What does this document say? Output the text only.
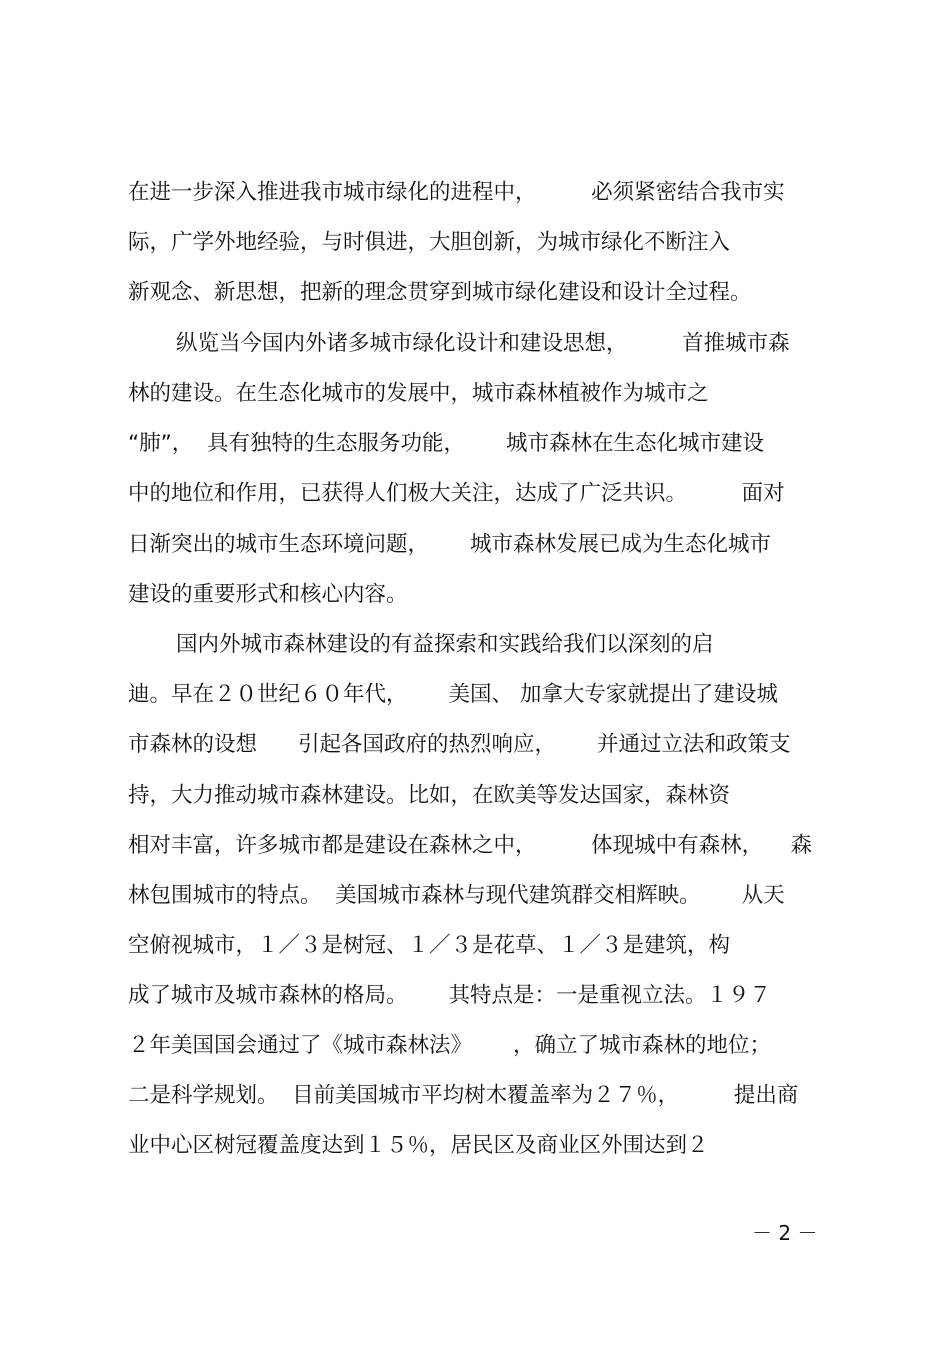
在进一步深入推进我市城市绿化的进程中，        必须紧密结合我市实
际，广学外地经验，与时俱进，大胆创新，为城市绿化不断注入
新观念、新思想，把新的理念贯穿到城市绿化建设和设计全过程。
纵览当今国内外诸多城市绿化设计和建设思想，        首推城市森
林的建设。在生态化城市的发展中，城市森林植被作为城市之
“肺”，  具有独特的生态服务功能，      城市森林在生态化城市建设
中的地位和作用，已获得人们极大关注，达成了广泛共识。        面对
日渐突出的城市生态环境问题，      城市森林发展已成为生态化城市
建设的重要形式和核心内容。
国内外城市森林建设的有益探索和实践给我们以深刻的启
迪。早在２０世纪６０年代，      美国、 加拿大专家就提出了建设城
市森林的设想      引起各国政府的热烈响应，      并通过立法和政策支
持，大力推动城市森林建设。比如，在欧美等发达国家，森林资
相对丰富，许多城市都是建设在森林之中，        体现城中有森林，    森
林包围城市的特点。  美国城市森林与现代建筑群交相辉映。      从天
空俯视城市，１／３是树冠、１／３是花草、１／３是建筑，构
成了城市及城市森林的格局。      其特点是：一是重视立法。１９７
２年美国国会通过了《城市森林法》      ，确立了城市森林的地位；
二是科学规划。  目前美国城市平均树木覆盖率为２７％，        提出商
业中心区树冠覆盖度达到１５％，居民区及商业区外围达到２
－ 2 －
